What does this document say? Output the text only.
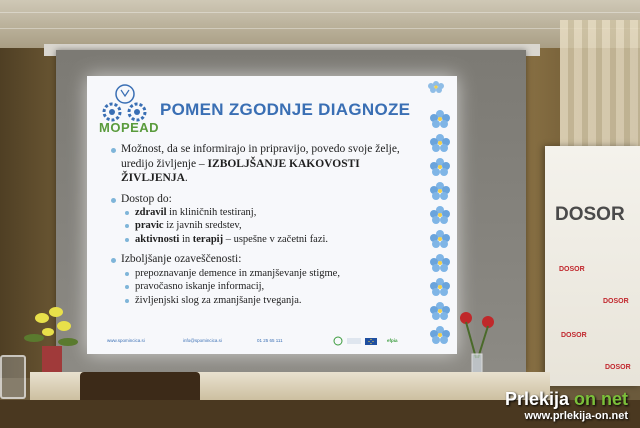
MOPEAD
POMEN ZGODNJE DIAGNOZE

Možnost, da se informirajo in pripravijo, povedo svoje želje, uredijo življenje – IZBOLJŠANJE KAKOVOSTI ŽIVLJENJA.

Dostop do:

zdravil in kliničnih testiranj,
pravic iz javnih sredstev,
aktivnosti in terapij – uspešne v začetni fazi.

Izboljšanje ozaveščenosti:

prepoznavanje demence in zmanjševanje stigme,
pravočasno iskanje informacij,
življenjski slog za zmanjšanje tveganja.
www.spomincica.si	info@spomincica.si	01 25 65 111	efpia
DOSOR
DOSOR
DOSOR
DOSOR
DOSOR
Prlekija on net
www.prlekija-on.net
